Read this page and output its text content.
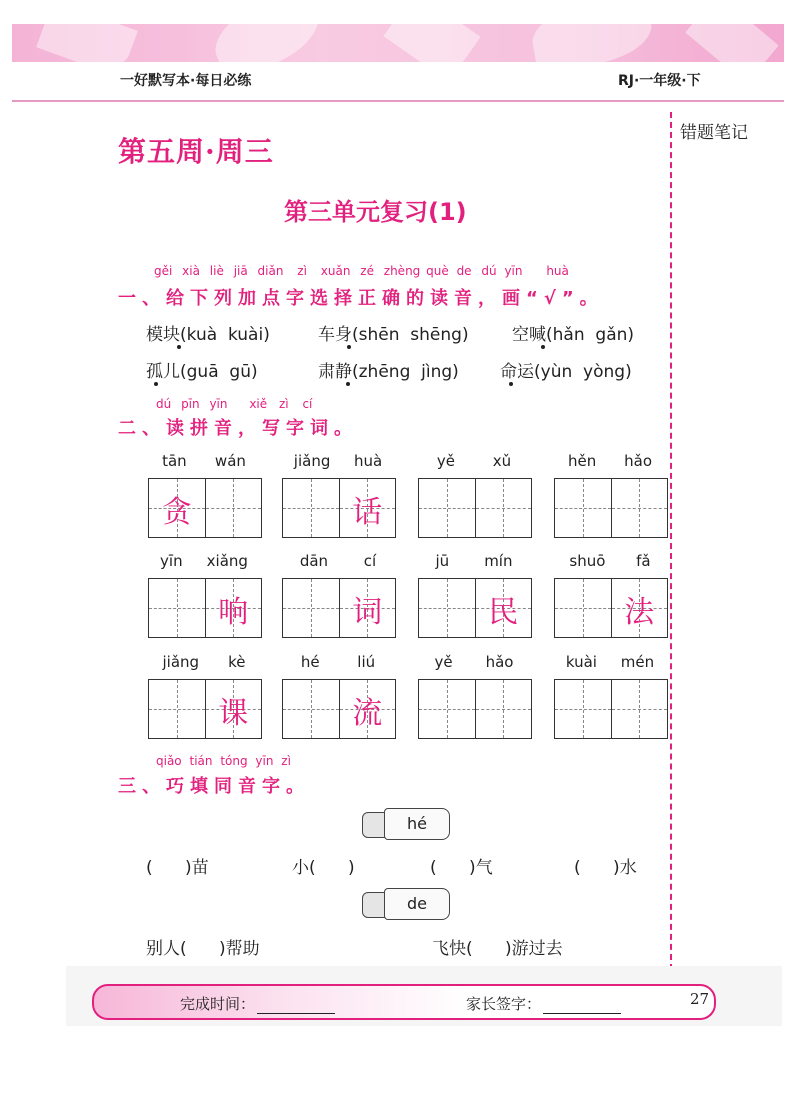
一好默写本·每日必练	RJ·一年级·下
错题笔记
第五周·周三
第三单元复习(1)
gěi xià liè jiā diǎn zì xuǎn zé zhèng què de dú yīn huà
一、给下列加点字选择正确的读音，画“√”。
模块(kuà  kuài)	车身(shēn  shēng)	空喊(hǎn  gǎn)
孤儿(guā  gū)	肃静(zhēng  jìng) 命运(yùn  yòng)
dú pīn yīn xiě zì cí
二、读拼音，写字词。
tān wán
贪
jiǎng huà
话
yě	xǔ	hěn hǎo
yīn xiǎng
响
dān cí
词
jū mín
民
shuō fǎ
法
jiǎng kè
课
hé	liú
流
yě hǎo	kuài mén
qiǎo tián tóng yīn zì
三、巧填同音字。
hé
(      )苗	小(      )	(      )气	(      )水
de
别人(      )帮助	飞快(      )游过去
完成时间：	家长签字：	27
